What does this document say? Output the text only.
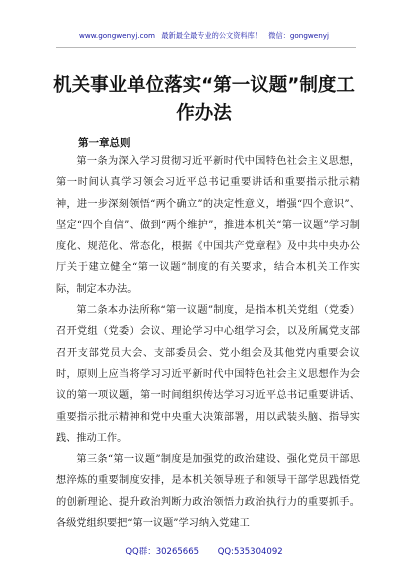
www.gongwenyj.com 最新最全最专业的公文资料库！ 微信：gongwenyj
机关事业单位落实“第一议题”制度工作办法
第一章总则

第一条为深入学习贯彻习近平新时代中国特色社会主义思想，第一时间认真学习领会习近平总书记重要讲话和重要指示批示精神，进一步深刻领悟“两个确立”的决定性意义，增强“四个意识”、坚定“四个自信”、做到“两个维护”，推进本机关“第一议题”学习制度化、规范化、常态化，根据《中国共产党章程》及中共中央办公厅关于建立健全“第一议题”制度的有关要求，结合本机关工作实际，制定本办法。

第二条本办法所称“第一议题”制度，是指本机关党组（党委）召开党组（党委）会议、理论学习中心组学习会，以及所属党支部召开支部党员大会、支部委员会、党小组会及其他党内重要会议时，原则上应当将学习习近平新时代中国特色社会主义思想作为会议的第一项议题，第一时间组织传达学习习近平总书记重要讲话、重要指示批示精神和党中央重大决策部署，用以武装头脑、指导实践、推动工作。

第三条“第一议题”制度是加强党的政治建设、强化党员干部思想淬炼的重要制度安排，是本机关领导班子和领导干部学思践悟党的创新理论、提升政治判断力政治领悟力政治执行力的重要抓手。各级党组织要把“第一议题”学习纳入党建工

QQ群：30265665 QQ:535304092
